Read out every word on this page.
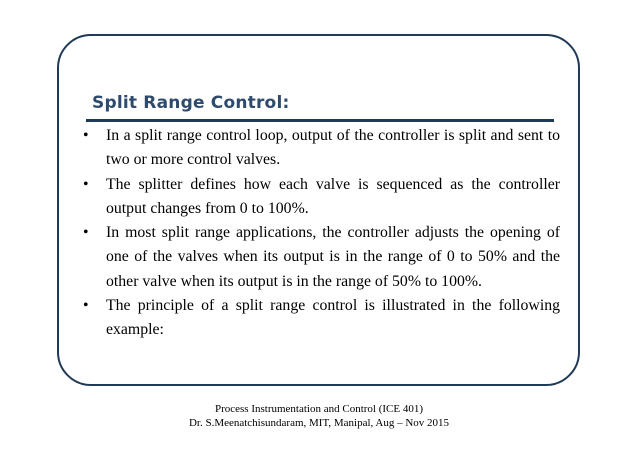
Split Range Control:
• In a split range control loop, output of the controller is split and sent to two or more control valves.
• The splitter defines how each valve is sequenced as the controller output changes from 0 to 100%.
• In most split range applications, the controller adjusts the opening of one of the valves when its output is in the range of 0 to 50% and the other valve when its output is in the range of 50% to 100%.
• The principle of a split range control is illustrated in the following example:
Process Instrumentation and Control (ICE 401)
Dr. S.Meenatchisundaram, MIT, Manipal, Aug – Nov 2015
